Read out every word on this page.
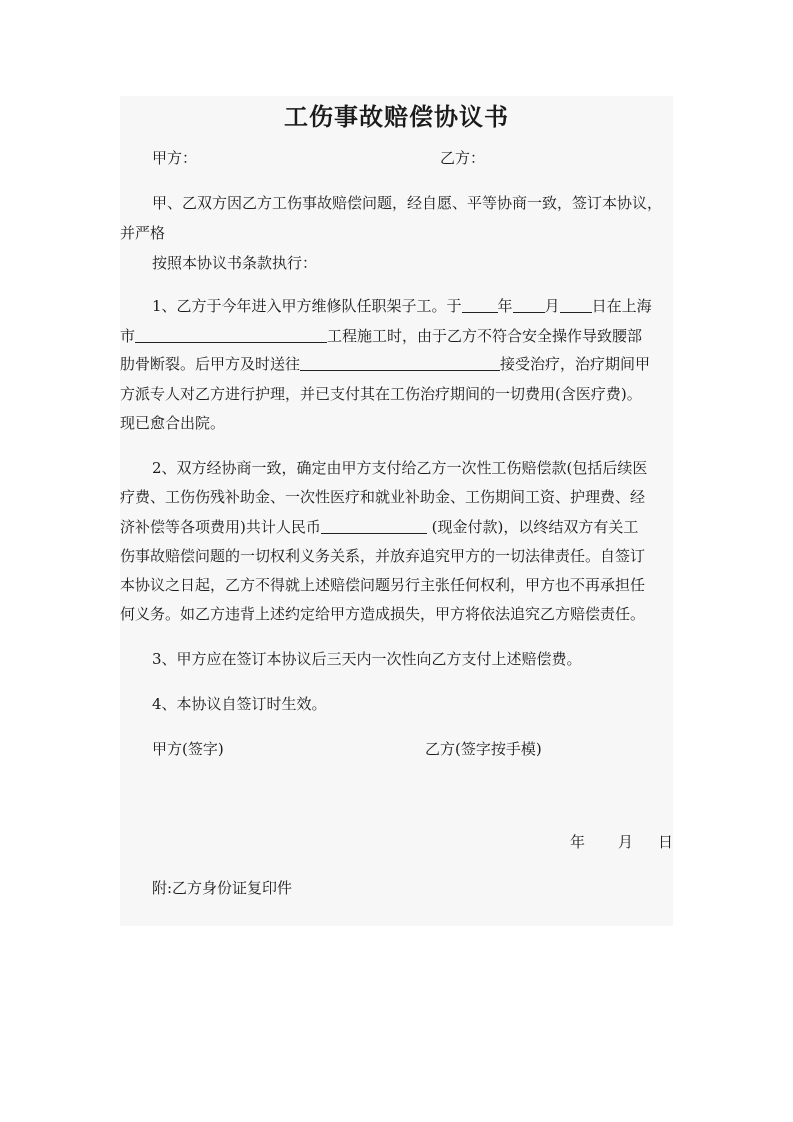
工伤事故赔偿协议书
甲方：	乙方：
甲、乙双方因乙方工伤事故赔偿问题，经自愿、平等协商一致，签订本协议，
并严格
按照本协议书条款执行：
1、乙方于今年进入甲方维修队任职架子工。于 年 月 日在上海
市	工程施工时，由于乙方不符合安全操作导致腰部
肋骨断裂。后甲方及时送往	接受治疗，治疗期间甲
方派专人对乙方进行护理，并已支付其在工伤治疗期间的一切费用(含医疗费)。
现已愈合出院。
2、双方经协商一致，确定由甲方支付给乙方一次性工伤赔偿款(包括后续医
疗费、工伤伤残补助金、一次性医疗和就业补助金、工伤期间工资、护理费、经
济补偿等各项费用)共计人民币	(现金付款)，以终结双方有关工
伤事故赔偿问题的一切权利义务关系，并放弃追究甲方的一切法律责任。自签订
本协议之日起，乙方不得就上述赔偿问题另行主张任何权利，甲方也不再承担任
何义务。如乙方违背上述约定给甲方造成损失，甲方将依法追究乙方赔偿责任。
3、甲方应在签订本协议后三天内一次性向乙方支付上述赔偿费。
4、本协议自签订时生效。
甲方(签字)	乙方(签字按手模)
年 月 日
附:乙方身份证复印件
